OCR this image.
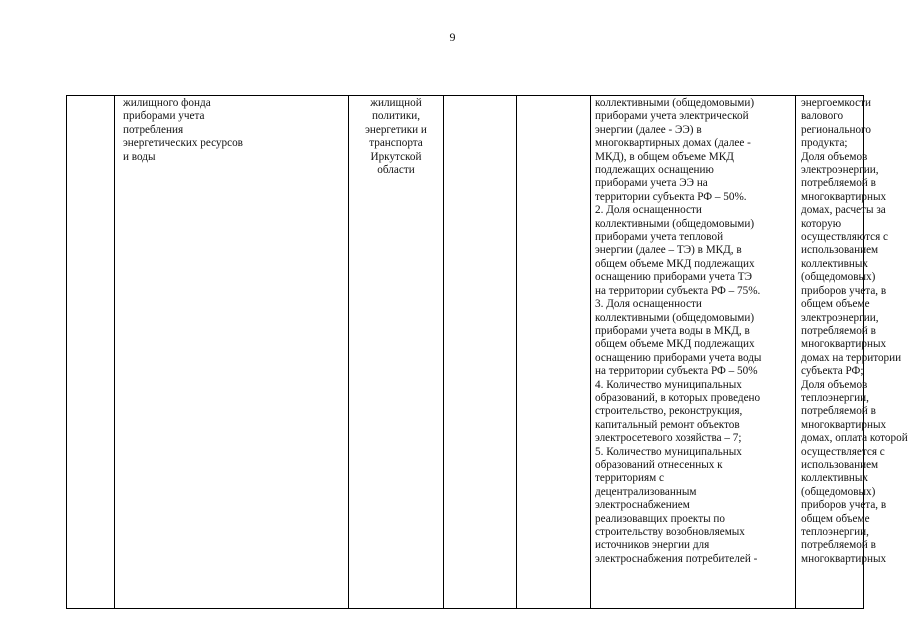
9
жилищного фонда
приборами учета
потребления
энергетических ресурсов
и воды
жилищной
политики,
энергетики и
транспорта
Иркутской
области
коллективными (общедомовыми)
приборами учета электрической
энергии (далее - ЭЭ) в
многоквартирных домах (далее -
МКД), в общем объеме МКД
подлежащих оснащению
приборами учета ЭЭ на
территории субъекта РФ – 50%.
2. Доля оснащенности
коллективными (общедомовыми)
приборами учета тепловой
энергии (далее – ТЭ) в МКД, в
общем объеме МКД подлежащих
оснащению приборами учета ТЭ
на территории субъекта РФ – 75%.
3. Доля оснащенности
коллективными (общедомовыми)
приборами учета воды в МКД, в
общем объеме МКД подлежащих
оснащению приборами учета воды
на территории субъекта РФ – 50%
4. Количество муниципальных
образований, в которых проведено
строительство, реконструкция,
капитальный ремонт объектов
электросетевого хозяйства – 7;
5. Количество муниципальных
образований отнесенных к
территориям с
децентрализованным
электроснабжением
реализовавщих проекты по
строительству возобновляемых
источников энергии для
электроснабжения потребителей -
энергоемкости
валового
регионального
продукта;
Доля объемов
электроэнергии,
потребляемой в
многоквартирных
домах, расчеты за
которую
осуществляются с
использованием
коллективных
(общедомовых)
приборов учета, в
общем объеме
электроэнергии,
потребляемой в
многоквартирных
домах на территории
субъекта РФ;
Доля объемов
теплоэнергии,
потребляемой в
многоквартирных
домах, оплата которой
осуществляется с
использованием
коллективных
(общедомовых)
приборов учета, в
общем объеме
теплоэнергии,
потребляемой в
многоквартирных
